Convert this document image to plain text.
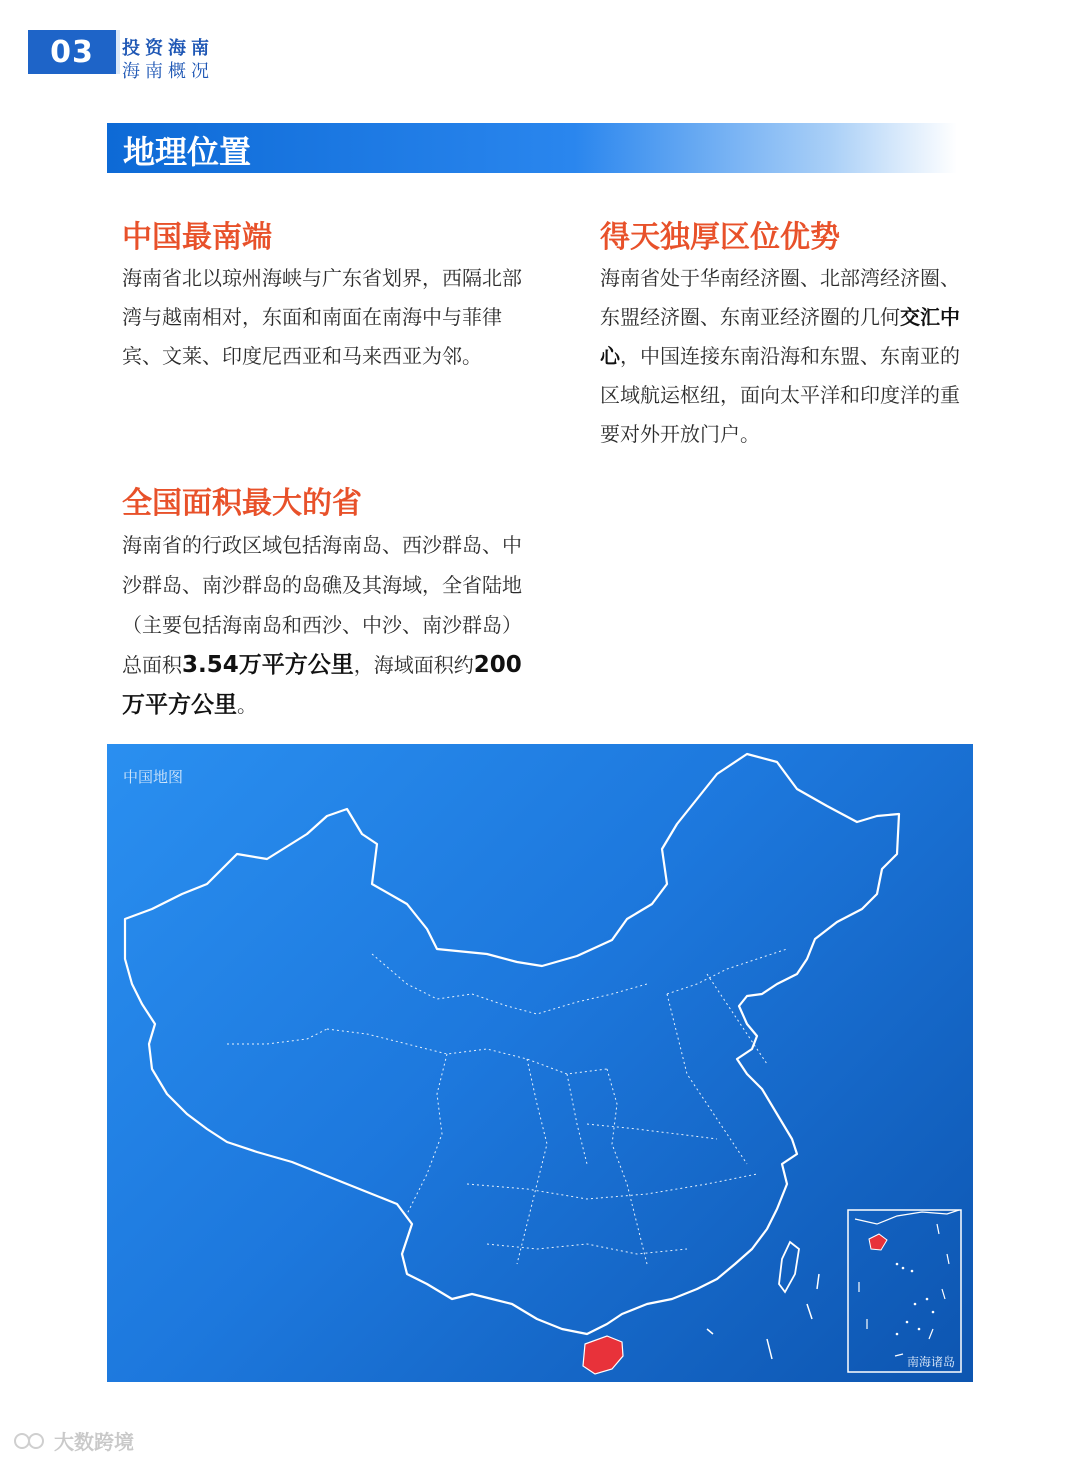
03	投资海南
海南概况
地理位置
中国最南端

海南省北以琼州海峡与广东省划界，西隔北部湾与越南相对，东面和南面在南海中与菲律宾、文莱、印度尼西亚和马来西亚为邻。

得天独厚区位优势

海南省处于华南经济圈、北部湾经济圈、东盟经济圈、东南亚经济圈的几何交汇中心，中国连接东南沿海和东盟、东南亚的区域航运枢纽，面向太平洋和印度洋的重要对外开放门户。

全国面积最大的省

海南省的行政区域包括海南岛、西沙群岛、中沙群岛、南沙群岛的岛礁及其海域，全省陆地（主要包括海南岛和西沙、中沙、南沙群岛）总面积3.54万平方公里，海域面积约200万平方公里。

中国地图
南海诸岛
大数跨境
